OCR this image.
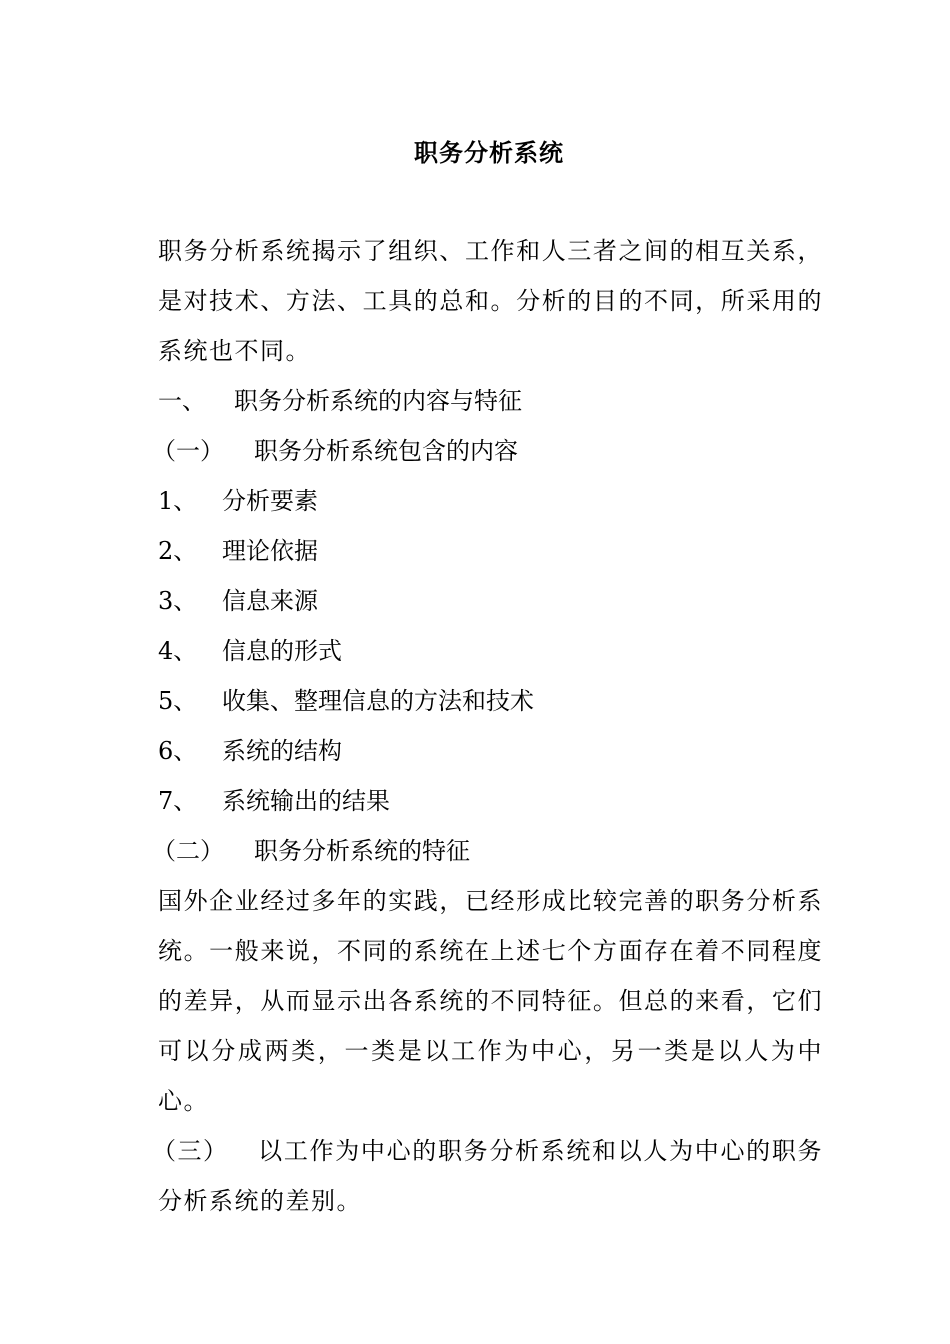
职务分析系统

职务分析系统揭示了组织、工作和人三者之间的相互关系，是对技术、方法、工具的总和。分析的目的不同，所采用的系统也不同。

一、	职务分析系统的内容与特征
（一）	职务分析系统包含的内容
1、	分析要素
2、	理论依据
3、	信息来源
4、	信息的形式
5、	收集、整理信息的方法和技术
6、	系统的结构
7、	系统输出的结果
（二）	职务分析系统的特征

国外企业经过多年的实践，已经形成比较完善的职务分析系统。一般来说，不同的系统在上述七个方面存在着不同程度的差异，从而显示出各系统的不同特征。但总的来看，它们可以分成两类，一类是以工作为中心，另一类是以人为中心。

（三） 以工作为中心的职务分析系统和以人为中心的职务分析系统的差别。
